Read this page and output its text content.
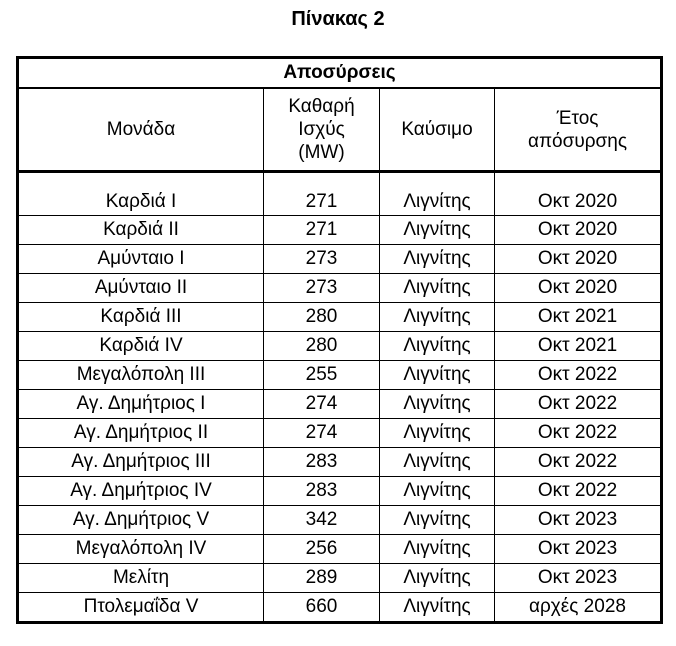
Πίνακας 2
Αποσύρσεις			
Μονάδα	Καθαρή Ισχύς (MW)	Καύσιμο	Έτος απόσυρσης
Καρδιά I	271	Λιγνίτης	Οκτ 2020
Καρδιά II	271	Λιγνίτης	Οκτ 2020
Αμύνταιο I	273	Λιγνίτης	Οκτ 2020
Αμύνταιο II	273	Λιγνίτης	Οκτ 2020
Καρδιά III	280	Λιγνίτης	Οκτ 2021
Καρδιά IV	280	Λιγνίτης	Οκτ 2021
Μεγαλόπολη III	255	Λιγνίτης	Οκτ 2022
Αγ. Δημήτριος I	274	Λιγνίτης	Οκτ 2022
Αγ. Δημήτριος II	274	Λιγνίτης	Οκτ 2022
Αγ. Δημήτριος III	283	Λιγνίτης	Οκτ 2022
Αγ. Δημήτριος IV	283	Λιγνίτης	Οκτ 2022
Αγ. Δημήτριος V	342	Λιγνίτης	Οκτ 2023
Μεγαλόπολη IV	256	Λιγνίτης	Οκτ 2023
Μελίτη	289	Λιγνίτης	Οκτ 2023
Πτολεμαΐδα V	660	Λιγνίτης	αρχές 2028
